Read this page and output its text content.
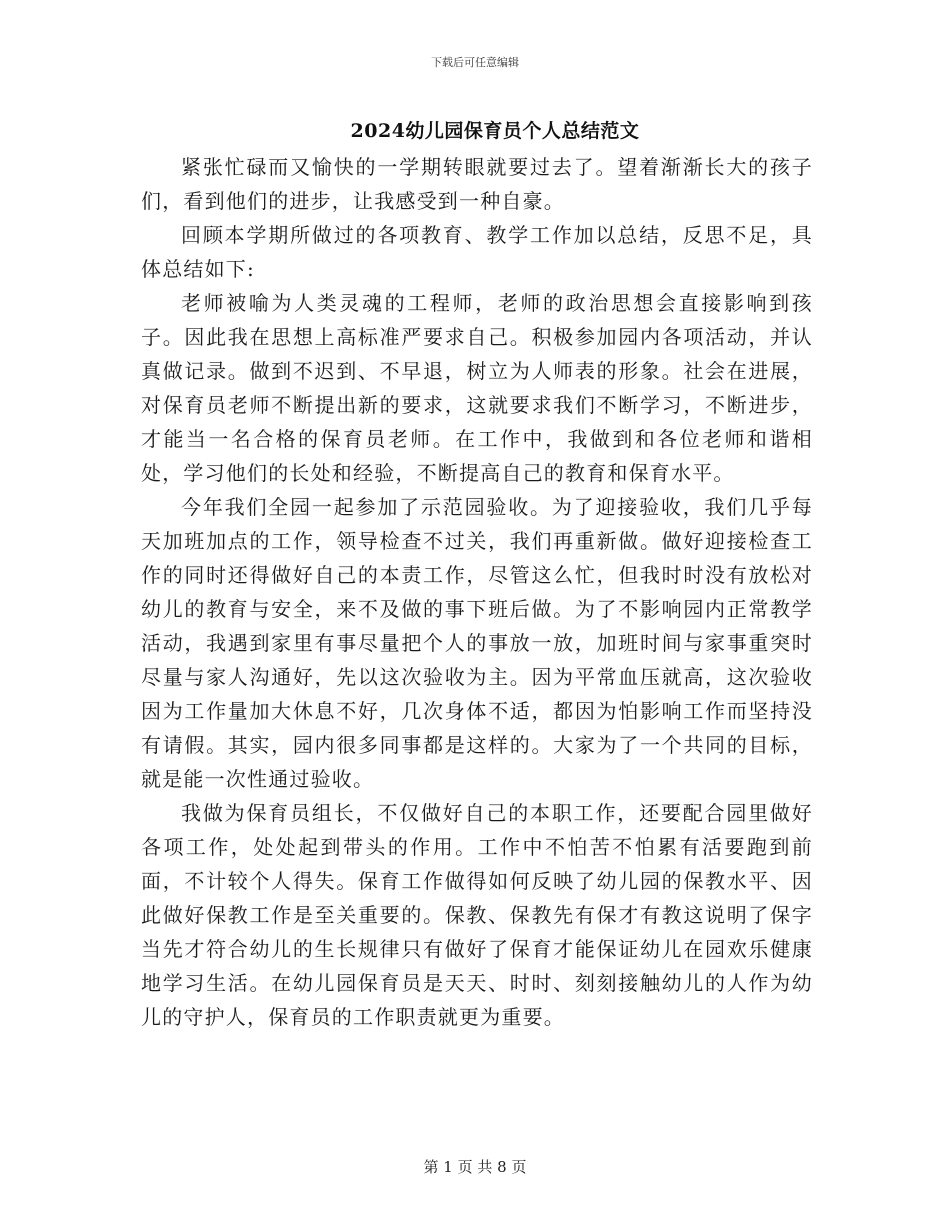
下载后可任意编辑
2024幼儿园保育员个人总结范文

紧张忙碌而又愉快的一学期转眼就要过去了。望着渐渐长大的孩子们，看到他们的进步，让我感受到一种自豪。

回顾本学期所做过的各项教育、教学工作加以总结，反思不足，具体总结如下:

老师被喻为人类灵魂的工程师，老师的政治思想会直接影响到孩子。因此我在思想上高标准严要求自己。积极参加园内各项活动，并认真做记录。做到不迟到、不早退，树立为人师表的形象。社会在进展，对保育员老师不断提出新的要求，这就要求我们不断学习，不断进步，才能当一名合格的保育员老师。在工作中，我做到和各位老师和谐相处，学习他们的长处和经验，不断提高自己的教育和保育水平。

今年我们全园一起参加了示范园验收。为了迎接验收，我们几乎每天加班加点的工作，领导检查不过关，我们再重新做。做好迎接检查工作的同时还得做好自己的本责工作，尽管这么忙，但我时时没有放松对幼儿的教育与安全，来不及做的事下班后做。为了不影响园内正常教学活动，我遇到家里有事尽量把个人的事放一放，加班时间与家事重突时尽量与家人沟通好，先以这次验收为主。因为平常血压就高，这次验收因为工作量加大休息不好，几次身体不适，都因为怕影响工作而坚持没有请假。其实，园内很多同事都是这样的。大家为了一个共同的目标，就是能一次性通过验收。

我做为保育员组长，不仅做好自己的本职工作，还要配合园里做好各项工作，处处起到带头的作用。工作中不怕苦不怕累有活要跑到前面，不计较个人得失。保育工作做得如何反映了幼儿园的保教水平、因此做好保教工作是至关重要的。保教、保教先有保才有教这说明了保字当先才符合幼儿的生长规律只有做好了保育才能保证幼儿在园欢乐健康地学习生活。在幼儿园保育员是天天、时时、刻刻接触幼儿的人作为幼儿的守护人，保育员的工作职责就更为重要。

第 1 页 共 8 页
